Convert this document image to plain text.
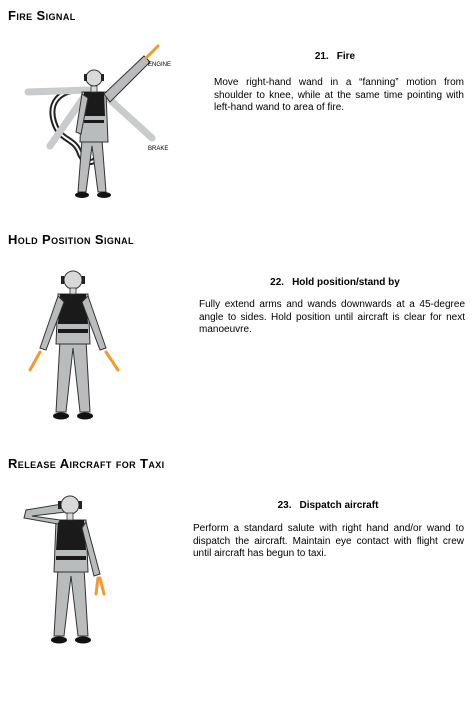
Fire Signal
ENGINE
BRAKE

21. Fire

Move right-hand wand in a “fanning” motion from shoulder to knee, while at the same time pointing with left-hand wand to area of fire.

Hold Position Signal

22. Hold position/stand by

Fully extend arms and wands downwards at a 45-degree angle to sides. Hold position until aircraft is clear for next manoeuvre.

Release Aircraft for Taxi

23. Dispatch aircraft

Perform a standard salute with right hand and/or wand to dispatch the aircraft. Maintain eye contact with flight crew until aircraft has begun to taxi.
